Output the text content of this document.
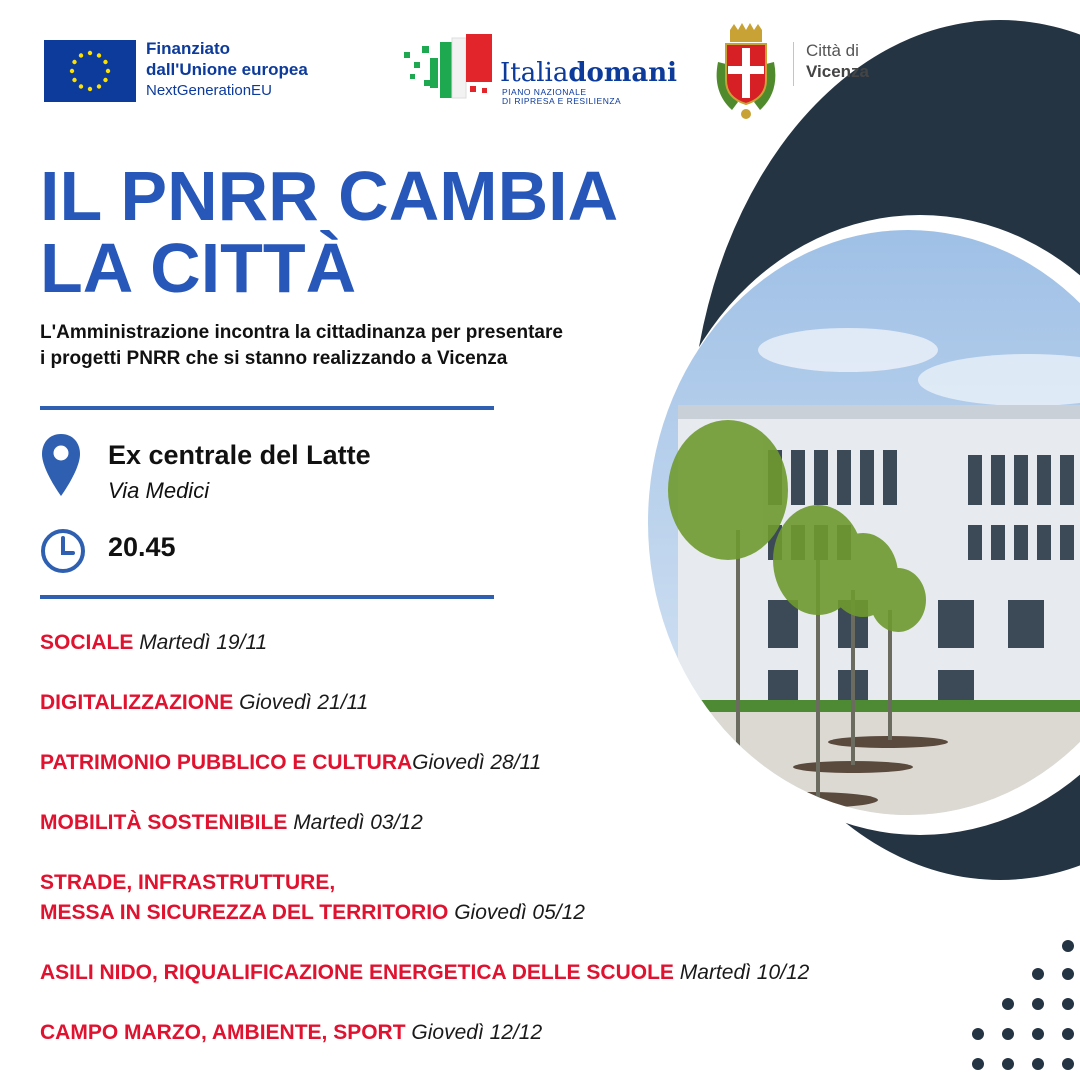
Finanziato
dall'Unione europea
NextGenerationEU
Italiadomani
PIANO NAZIONALE
DI RIPRESA E RESILIENZA
Città di
Vicenza
IL PNRR CAMBIA
LA CITTÀ
L'Amministrazione incontra la cittadinanza per presentare
i progetti PNRR che si stanno realizzando a Vicenza
Ex centrale del Latte
Via Medici
20.45
SOCIALE Martedì 19/11
DIGITALIZZAZIONE Giovedì 21/11
PATRIMONIO PUBBLICO E CULTURAGiovedì 28/11
MOBILITÀ SOSTENIBILE Martedì 03/12
STRADE, INFRASTRUTTURE,
MESSA IN SICUREZZA DEL TERRITORIO Giovedì 05/12
ASILI NIDO, RIQUALIFICAZIONE ENERGETICA DELLE SCUOLE Martedì 10/12
CAMPO MARZO, AMBIENTE, SPORT Giovedì 12/12
